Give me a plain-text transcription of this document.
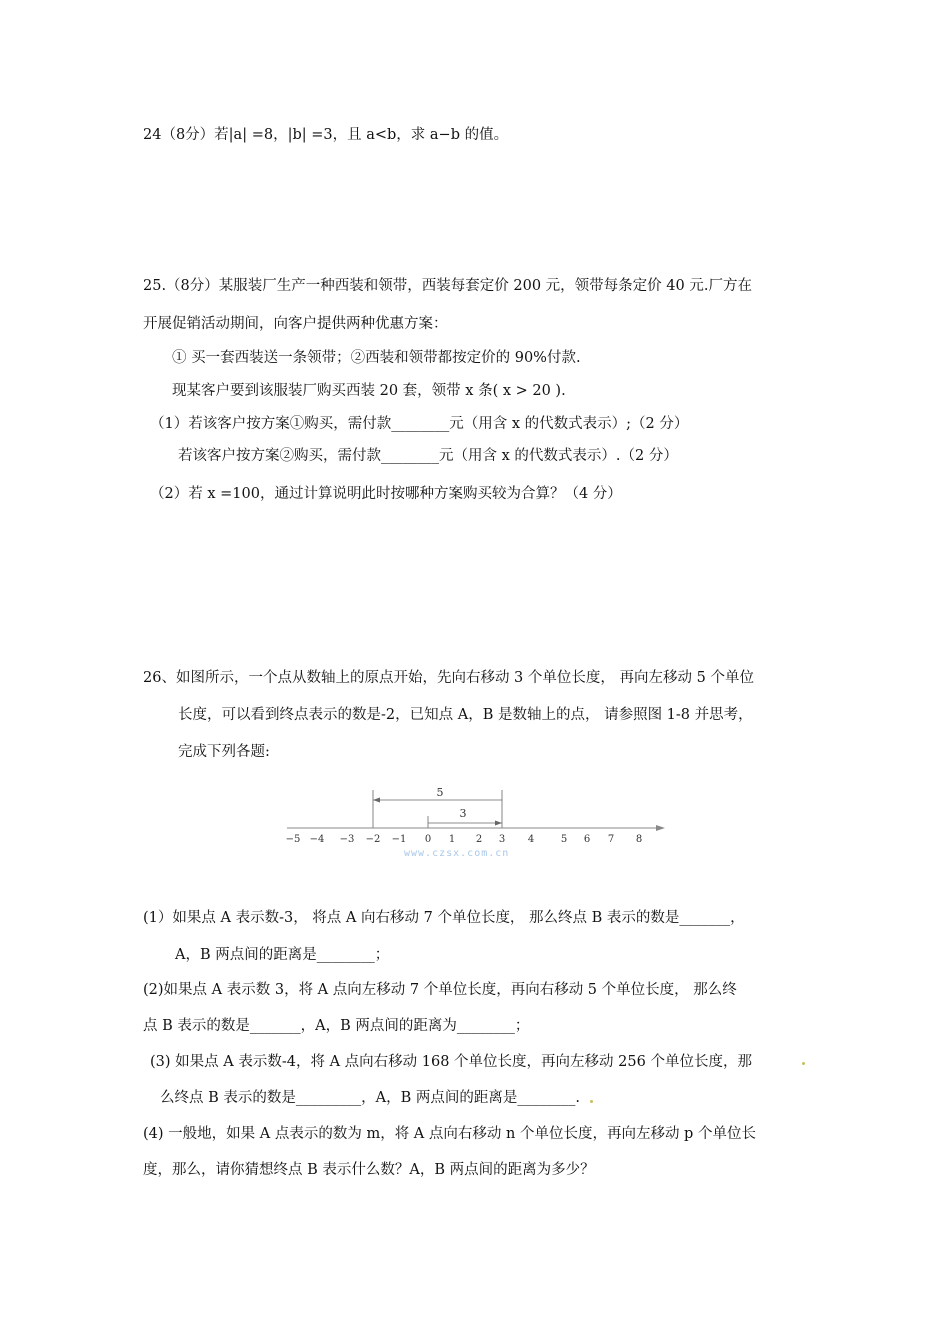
24（8分）若|a| =8，|b| =3，且 a<b，求 a−b 的值。
25.（8分）某服装厂生产一种西装和领带，西装每套定价 200 元，领带每条定价 40 元.厂方在
开展促销活动期间，向客户提供两种优惠方案：
① 买一套西装送一条领带；②西装和领带都按定价的 90%付款.
现某客户要到该服装厂购买西装 20 套，领带 x 条( x > 20 ).
（1）若该客户按方案①购买，需付款________元（用含 x 的代数式表示）;（2 分）
若该客户按方案②购买，需付款________元（用含 x 的代数式表示）.（2 分）
（2）若 x =100，通过计算说明此时按哪种方案购买较为合算？（4 分）
26、如图所示，一个点从数轴上的原点开始，先向右移动 3 个单位长度， 再向左移动 5 个单位
长度，可以看到终点表示的数是-2，已知点 A，B 是数轴上的点， 请参照图 1-8 并思考，
完成下列各题:
5
3
−5 −4 −3 −2 −1 0 1 2 3 4	5 6 7 8
www.czsx.com.cn
(1）如果点 A 表示数-3， 将点 A 向右移动 7 个单位长度， 那么终点 B 表示的数是_______，
A，B 两点间的距离是________；
(2)如果点 A 表示数 3，将 A 点向左移动 7 个单位长度，再向右移动 5 个单位长度， 那么终
点 B 表示的数是_______，A，B 两点间的距离为________；
(3) 如果点 A 表示数-4，将 A 点向右移动 168 个单位长度，再向左移动 256 个单位长度，那
么终点 B 表示的数是_________，A，B 两点间的距离是________.
(4) 一般地，如果 A 点表示的数为 m，将 A 点向右移动 n 个单位长度，再向左移动 p 个单位长
度，那么，请你猜想终点 B 表示什么数？A，B 两点间的距离为多少？
